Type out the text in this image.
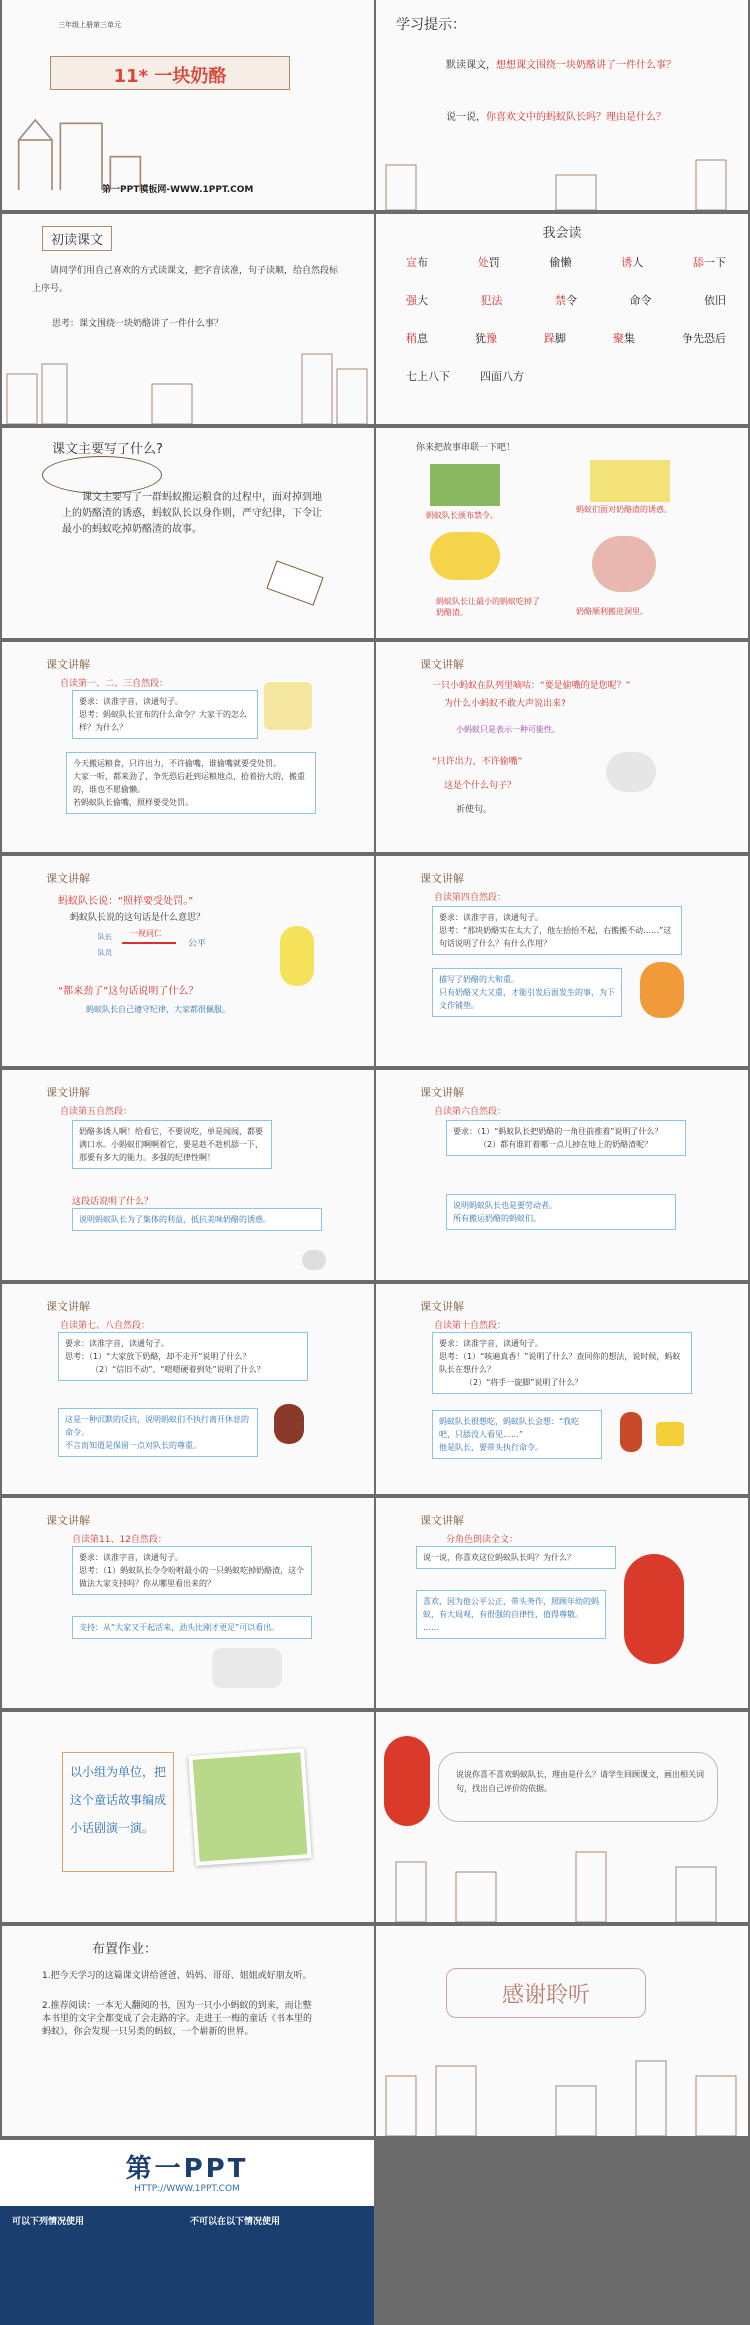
三年级上册第三单元
11* 一块奶酪
第一PPT模板网-WWW.1PPT.COM
学习提示：
默读课文，想想课文围绕一块奶酪讲了一件什么事？
说一说，你喜欢文中的蚂蚁队长吗？理由是什么？
初读课文
请同学们用自己喜欢的方式读课文，把字音读准，句子读顺，给自然段标上序号。
思考：课文围绕一块奶酪讲了一件什么事？
我会读
宣布	处罚	偷懒	诱人	舔一下
强大	犯法	禁令	命令	依旧
稍息	犹豫	跺脚	聚集	争先恐后
七上八下	四面八方
课文主要写了什么?
课文主要写了一群蚂蚁搬运粮食的过程中，面对掉到地上的奶酪渣的诱惑，蚂蚁队长以身作则，严守纪律，下令让最小的蚂蚁吃掉奶酪渣的故事。
你来把故事串联一下吧！
蚂蚁队长颁布禁令。
蚂蚁们面对奶酪渣的诱惑。
蚂蚁队长让最小的蚂蚁吃掉了奶酪渣。	奶酪顺利搬进洞里。
课文讲解
自读第一、二、三自然段：
要求：读准字音，读通句子。
思考：蚂蚁队长宣布的什么命令？大家干的怎么样？为什么？
今天搬运粮食，只许出力，不许偷嘴，谁偷嘴就要受处罚。
大家一听，都来劲了，争先恐后赶到运粮地点，抢着抬大的，搬重的，谁也不愿偷懒。
若蚂蚁队长偷嘴，照样要受处罚。
课文讲解
一只小蚂蚁在队列里嘀咕：“要是偷嘴的是您呢？”
为什么小蚂蚁不敢大声说出来?
小蚂蚁只是表示一种可能性。
“只许出力，不许偷嘴”
这是个什么句子？
祈使句。
课文讲解
蚂蚁队长说：“照样要受处罚。”
蚂蚁队长说的这句话是什么意思？
队长 一视同仁
公平
队员
“都来劲了”这句话说明了什么？
蚂蚁队长自己遵守纪律，大家都很佩服。
课文讲解
自读第四自然段：
要求：读准字音，读通句子。
思考：“那块奶酪实在太大了，他左抬抬不起，右搬搬不动……”这句话说明了什么？有什么作用？
描写了奶酪的大和重。
只有奶酪又大又重，才能引发后面发生的事，为下文作铺垫。
课文讲解
自读第五自然段：
奶酪多诱人啊！给看它，不要说吃，单是闻闻，都要满口水。小蚂蚁们啊啊着它，要是趁不趁机舔一下，那要有多大的能力。多强的纪律性啊！
这段话说明了什么？
说明蚂蚁队长为了集体的利益，抵抗美味奶酪的诱惑。
课文讲解
自读第六自然段：
要求：（1）“蚂蚁队长把奶酪的一角往前推着”说明了什么？
（2）都有谁盯着哪一点儿掉在地上的奶酪渣呢？
说明蚂蚁队长也是要劳动者。
所有搬运奶酪的蚂蚁们。
课文讲解
自读第七、八自然段：
要求：读准字音，读通句子。
思考：（1）“大家放下奶酪，却不走开”说明了什么？
（2）“信旧不动”、“嗯嗯硬着到处”说明了什么？
这是一种沉默的反抗，说明蚂蚁们不执行离开休息的命令。
不言而知道是保留一点对队长的尊重。
课文讲解
自读第十自然段：
要求：读准字音，读通句子。
思考：（1）“咳遍真香！”说明了什么？查同你的想法，说时候，蚂蚁队长在想什么？
（2）“将手一旋脚”说明了什么？
蚂蚁队长很想吃，蚂蚁队长会想：“我吃吧，只舔没人看见……”
他是队长，要带头执行命令。
课文讲解
自读第11、12自然段：
要求：读准字音，读通句子。
思考：（1）蚂蚁队长令令吩咐最小的一只蚂蚁吃掉奶酪渣，这个做法大家支持吗？你从哪里看出来的？
支持：从“大家又干起活来，劲头比刚才更足”可以看出。
课文讲解
分角色朗读全文：
说一说，你喜欢这位蚂蚁队长吗？为什么？
喜欢，因为他公平公正，带头务作，照顾年幼的蚂蚁，有大局观，有很强的自律性，值得尊敬。
……
以小组为单位，把这个童话故事编成小话剧演一演。
说说你喜不喜欢蚂蚁队长，理由是什么？请学生回顾课文，画出相关词句，找出自己评价的依据。
布置作业：
1.把今天学习的这篇课文讲给爸爸、妈妈、哥哥、姐姐或好朋友听。
2.推荐阅读：一本无人翻阅的书，因为一只小小蚂蚁的到来，而让整本书里的文字全都变成了会走路的字。走进王一梅的童话《书本里的蚂蚁》，你会发现一只另类的蚂蚁，一个崭新的世界。
感谢聆听
第一PPT
HTTP://WWW.1PPT.COM
可以下列情况使用	不可以在以下情况使用
